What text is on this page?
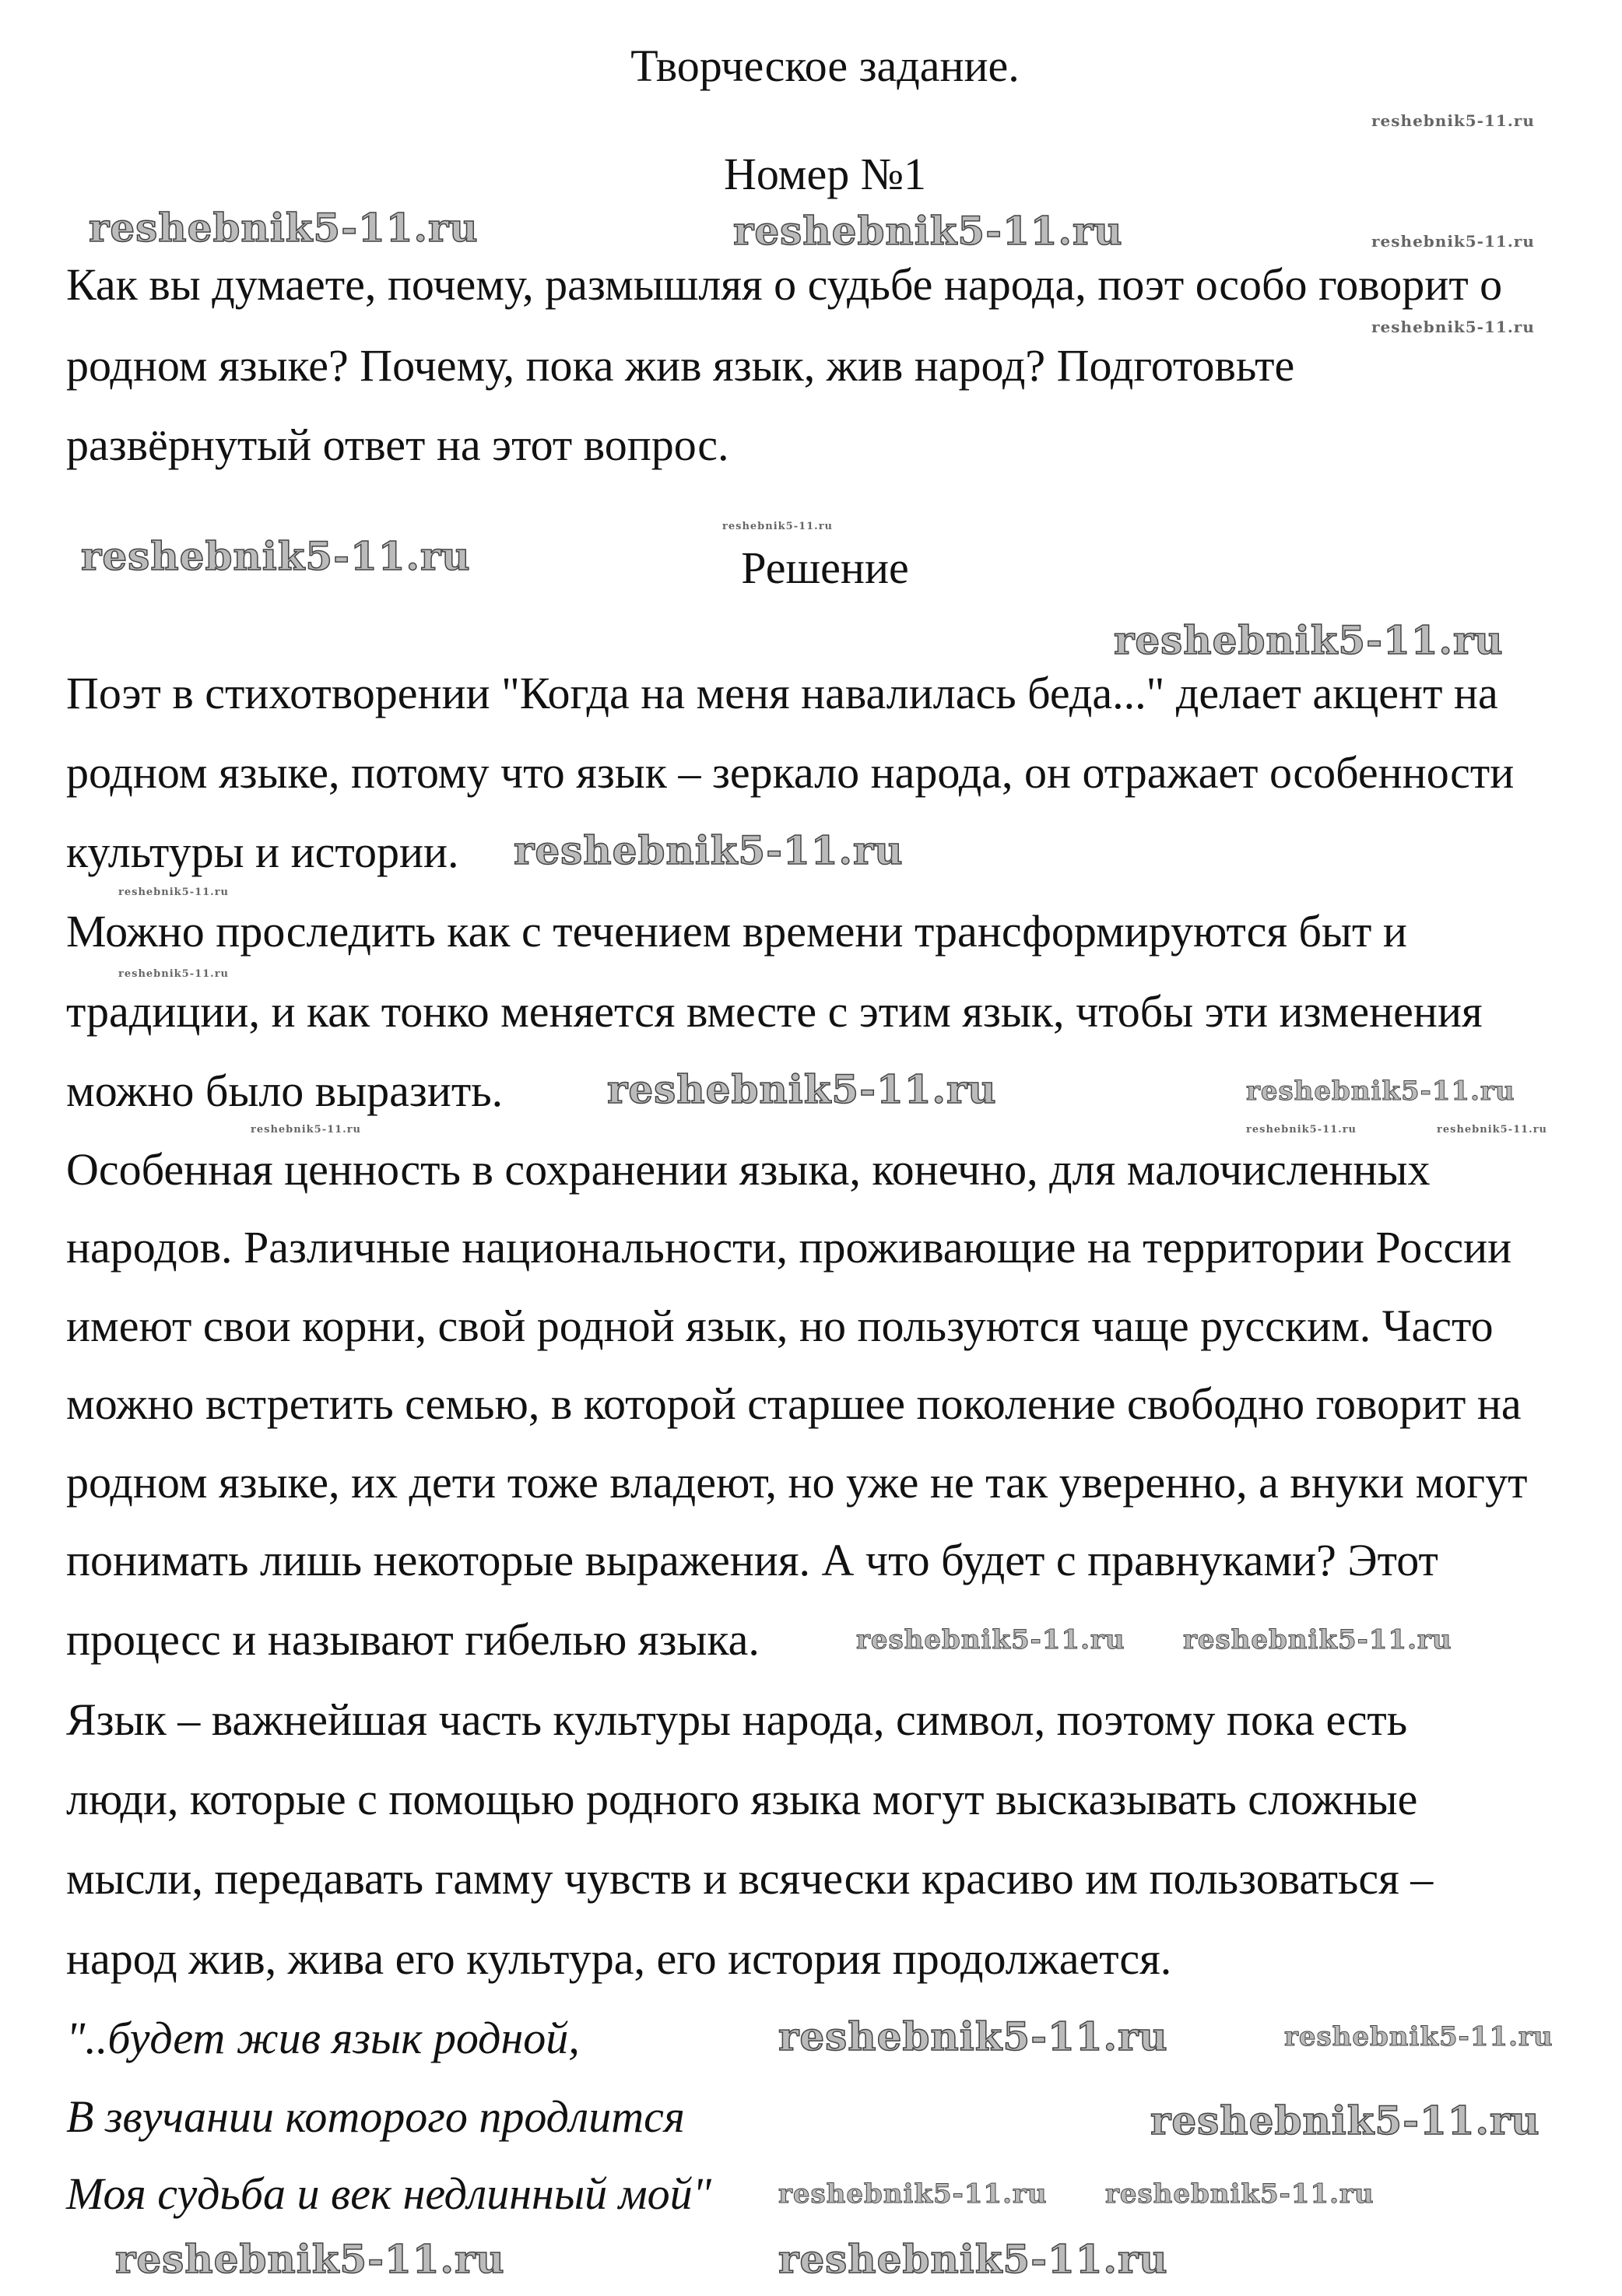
Творческое задание.
Номер №1
Как вы думаете, почему, размышляя о судьбе народа, поэт особо говорит о
родном языке? Почему, пока жив язык, жив народ? Подготовьте
развёрнутый ответ на этот вопрос.
Решение
Поэт в стихотворении "Когда на меня навалилась беда..." делает акцент на
родном языке, потому что язык – зеркало народа, он отражает особенности
культуры и истории.
Можно проследить как с течением времени трансформируются быт и
традиции, и как тонко меняется вместе с этим язык, чтобы эти изменения
можно было выразить.
Особенная ценность в сохранении языка, конечно, для малочисленных
народов. Различные национальности, проживающие на территории России
имеют свои корни, свой родной язык, но пользуются чаще русским. Часто
можно встретить семью, в которой старшее поколение свободно говорит на
родном языке, их дети тоже владеют, но уже не так уверенно, а внуки могут
понимать лишь некоторые выражения. А что будет с правнуками? Этот
процесс и называют гибелью языка.
Язык – важнейшая часть культуры народа, символ, поэтому пока есть
люди, которые с помощью родного языка могут высказывать сложные
мысли, передавать гамму чувств и всячески красиво им пользоваться –
народ жив, жива его культура, его история продолжается.
"..будет жив язык родной,
В звучании которого продлится
Моя судьба и век недлинный мой"
reshebnik5-11.ru
reshebnik5-11.ru	reshebnik5-11.ru	reshebnik5-11.ru
reshebnik5-11.ru
reshebnik5-11.ru
reshebnik5-11.ru
reshebnik5-11.ru
reshebnik5-11.ru
reshebnik5-11.ru
reshebnik5-11.ru
reshebnik5-11.ru
reshebnik5-11.ru
reshebnik5-11.ru
reshebnik5-11.ru	reshebnik5-11.ru
reshebnik5-11.ru
reshebnik5-11.ru
reshebnik5-11.ru	reshebnik5-11.ru
reshebnik5-11.ru
reshebnik5-11.ru
reshebnik5-11.ru
reshebnik5-11.ru reshebnik5-11.ru
